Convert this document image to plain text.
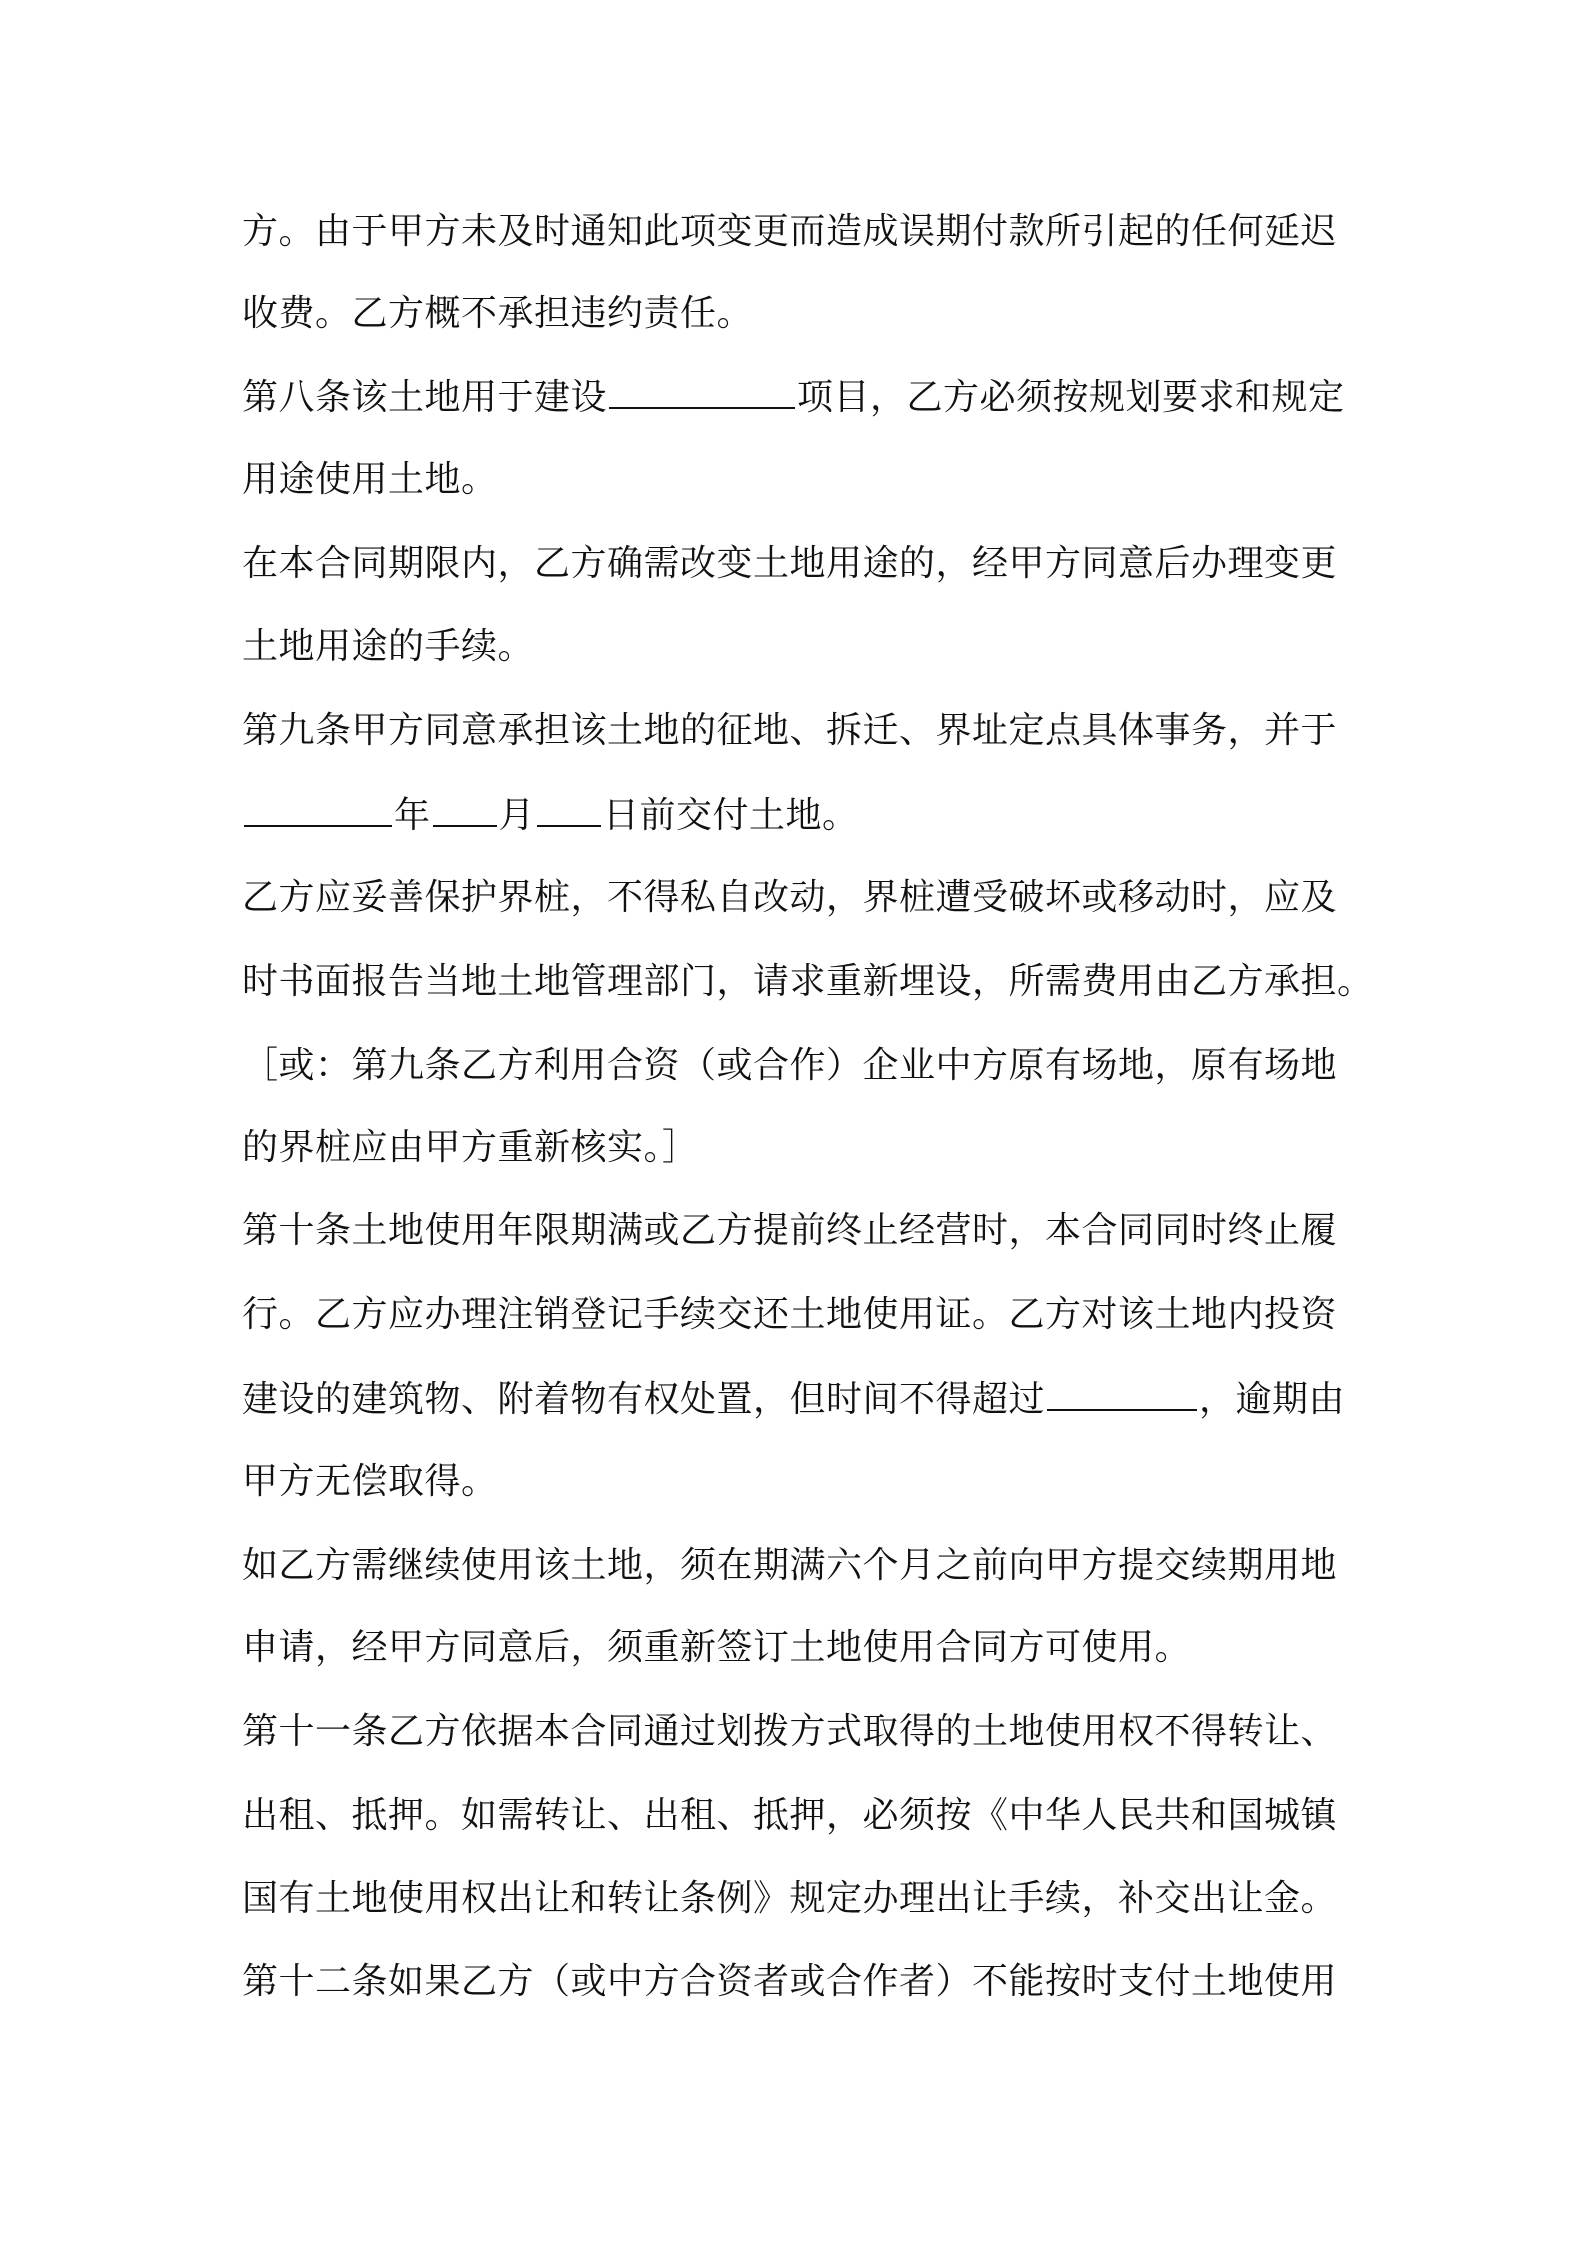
方。由于甲方未及时通知此项变更而造成误期付款所引起的任何延迟
收费。乙方概不承担违约责任。
第八条该土地用于建设	项目，乙方必须按规划要求和规定
用途使用土地。
在本合同期限内，乙方确需改变土地用途的，经甲方同意后办理变更
土地用途的手续。
第九条甲方同意承担该土地的征地、拆迁、界址定点具体事务，并于
年 月 日前交付土地。
乙方应妥善保护界桩，不得私自改动，界桩遭受破坏或移动时，应及
时书面报告当地土地管理部门，请求重新埋设，所需费用由乙方承担。
［或：第九条乙方利用合资（或合作）企业中方原有场地，原有场地
的界桩应由甲方重新核实。］
第十条土地使用年限期满或乙方提前终止经营时，本合同同时终止履
行。乙方应办理注销登记手续交还土地使用证。乙方对该土地内投资
建设的建筑物、附着物有权处置，但时间不得超过	，逾期由
甲方无偿取得。
如乙方需继续使用该土地，须在期满六个月之前向甲方提交续期用地
申请，经甲方同意后，须重新签订土地使用合同方可使用。
第十一条乙方依据本合同通过划拨方式取得的土地使用权不得转让、
出租、抵押。如需转让、出租、抵押，必须按《中华人民共和国城镇
国有土地使用权出让和转让条例》规定办理出让手续，补交出让金。
第十二条如果乙方（或中方合资者或合作者）不能按时支付土地使用
